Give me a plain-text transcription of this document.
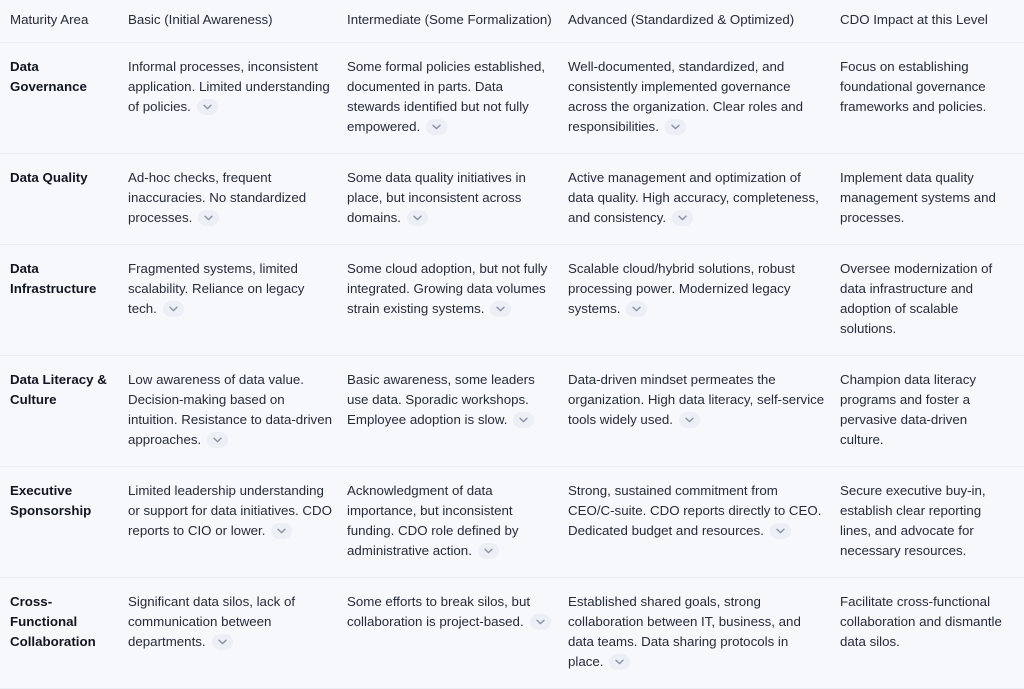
Maturity Area	Basic (Initial Awareness)	Intermediate (Some Formalization)	Advanced (Standardized & Optimized)	CDO Impact at this Level
Data Governance	Informal processes, inconsistent application. Limited understanding of policies.	Some formal policies established, documented in parts. Data stewards identified but not fully empowered.	Well-documented, standardized, and consistently implemented governance across the organization. Clear roles and responsibilities.	Focus on establishing foundational governance frameworks and policies.
Data Quality	Ad-hoc checks, frequent inaccuracies. No standardized processes.	Some data quality initiatives in place, but inconsistent across domains.	Active management and optimization of data quality. High accuracy, completeness, and consistency.	Implement data quality management systems and processes.
Data Infrastructure	Fragmented systems, limited scalability. Reliance on legacy tech.	Some cloud adoption, but not fully integrated. Growing data volumes strain existing systems.	Scalable cloud/hybrid solutions, robust processing power. Modernized legacy systems.	Oversee modernization of data infrastructure and adoption of scalable solutions.
Data Literacy & Culture	Low awareness of data value. Decision-making based on intuition. Resistance to data-driven approaches.	Basic awareness, some leaders use data. Sporadic workshops. Employee adoption is slow.	Data-driven mindset permeates the organization. High data literacy, self-service tools widely used.	Champion data literacy programs and foster a pervasive data-driven culture.
Executive Sponsorship	Limited leadership understanding or support for data initiatives. CDO reports to CIO or lower.	Acknowledgment of data importance, but inconsistent funding. CDO role defined by administrative action.	Strong, sustained commitment from CEO/C-suite. CDO reports directly to CEO. Dedicated budget and resources.	Secure executive buy-in, establish clear reporting lines, and advocate for necessary resources.
Cross-Functional Collaboration	Significant data silos, lack of communication between departments.	Some efforts to break silos, but collaboration is project-based.	Established shared goals, strong collaboration between IT, business, and data teams. Data sharing protocols in place.	Facilitate cross-functional collaboration and dismantle data silos.
